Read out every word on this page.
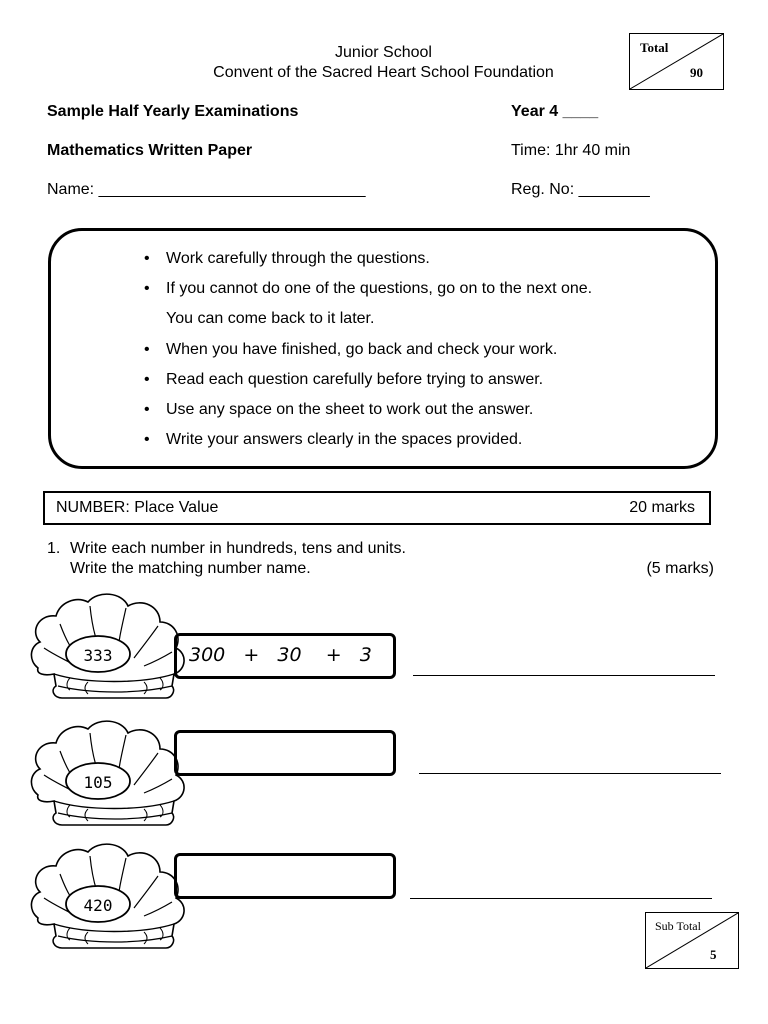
Junior School
Convent of the Sacred Heart School Foundation
Total
90
Sample Half Yearly Examinations	Year 4 ____
Mathematics Written Paper	Time: 1hr 40 min
Name: ______________________________	Reg. No: ________
• Work carefully through the questions.
• If you cannot do one of the questions, go on to the next one.
You can come back to it later.
• When you have finished, go back and check your work.
• Read each question carefully before trying to answer.
• Use any space on the sheet to work out the answer.
• Write your answers clearly in the spaces provided.
NUMBER: Place Value	20 marks
1. Write each number in hundreds, tens and units.
Write the matching number name.	(5 marks)
333	300   +   30    +   3
105
420
Sub Total
5
